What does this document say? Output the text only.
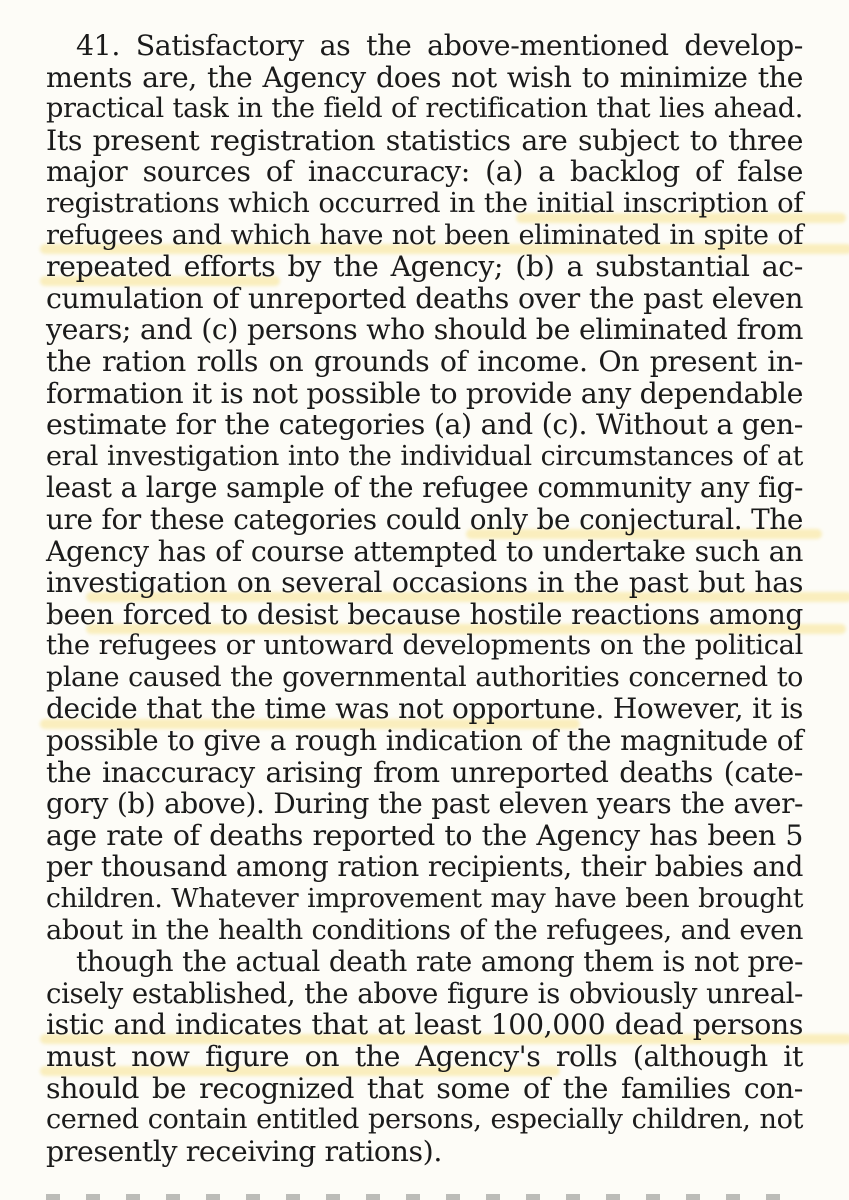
41. Satisfactory as the above-mentioned develop-
ments are, the Agency does not wish to minimize the
practical task in the field of rectification that lies ahead.
Its present registration statistics are subject to three
major sources of inaccuracy: (a) a backlog of false
registrations which occurred in the initial inscription of
refugees and which have not been eliminated in spite of
repeated efforts by the Agency; (b) a substantial ac-
cumulation of unreported deaths over the past eleven
years; and (c) persons who should be eliminated from
the ration rolls on grounds of income. On present in-
formation it is not possible to provide any dependable
estimate for the categories (a) and (c). Without a gen-
eral investigation into the individual circumstances of at
least a large sample of the refugee community any fig-
ure for these categories could only be conjectural. The
Agency has of course attempted to undertake such an
investigation on several occasions in the past but has
been forced to desist because hostile reactions among
the refugees or untoward developments on the political
plane caused the governmental authorities concerned to
decide that the time was not opportune. However, it is
possible to give a rough indication of the magnitude of
the inaccuracy arising from unreported deaths (cate-
gory (b) above). During the past eleven years the aver-
age rate of deaths reported to the Agency has been 5
per thousand among ration recipients, their babies and
children. Whatever improvement may have been brought
about in the health conditions of the refugees, and even
though the actual death rate among them is not pre-
cisely established, the above figure is obviously unreal-
istic and indicates that at least 100,000 dead persons
must now figure on the Agency's rolls (although it
should be recognized that some of the families con-
cerned contain entitled persons, especially children, not
presently receiving rations).
